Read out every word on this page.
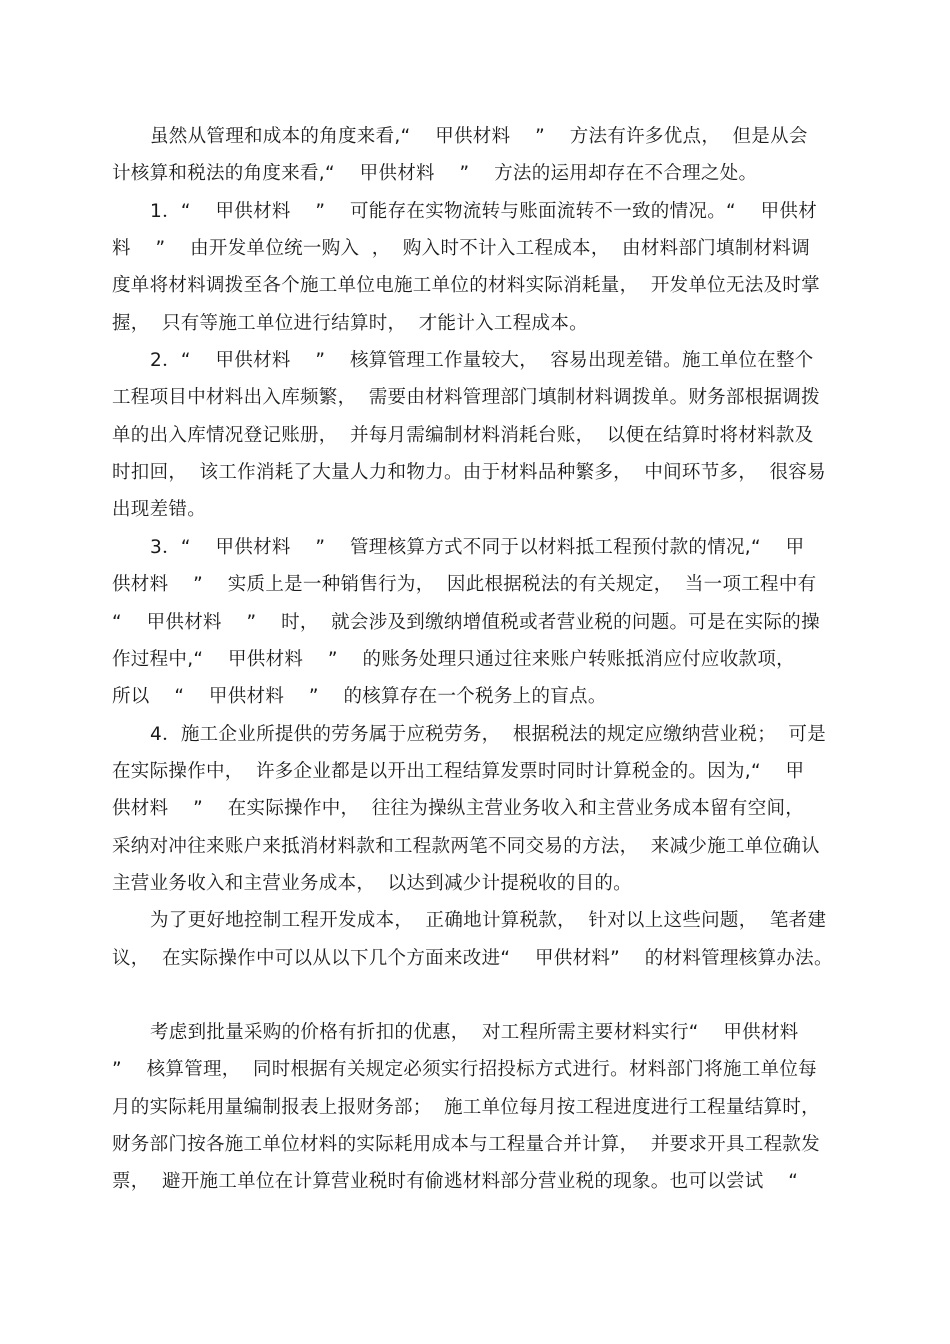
虽然从管理和成本的角度来看,“    甲供材料    ”    方法有许多优点，  但是从会
计核算和税法的角度来看,“    甲供材料    ”    方法的运用却存在不合理之处。
1．“    甲供材料    ”    可能存在实物流转与账面流转不一致的情况。“    甲供材
料    ”    由开发单位统一购入  ，  购入时不计入工程成本，  由材料部门填制材料调
度单将材料调拨至各个施工单位电施工单位的材料实际消耗量，  开发单位无法及时掌
握，  只有等施工单位进行结算时，  才能计入工程成本。
2．“    甲供材料    ”    核算管理工作量较大，  容易出现差错。施工单位在整个
工程项目中材料出入库频繁，  需要由材料管理部门填制材料调拨单。财务部根据调拨
单的出入库情况登记账册，  并每月需编制材料消耗台账，  以便在结算时将材料款及
时扣回，  该工作消耗了大量人力和物力。由于材料品种繁多，  中间环节多，  很容易
出现差错。
3．“    甲供材料    ”    管理核算方式不同于以材料抵工程预付款的情况,“    甲
供材料    ”    实质上是一种销售行为，  因此根据税法的有关规定，  当一项工程中有
“    甲供材料    ”    时，  就会涉及到缴纳增值税或者营业税的问题。可是在实际的操
作过程中,“    甲供材料    ”    的账务处理只通过往来账户转账抵消应付应收款项，
所以    “    甲供材料    ”    的核算存在一个税务上的盲点。
4．施工企业所提供的劳务属于应税劳务，  根据税法的规定应缴纳营业税；  可是
在实际操作中，  许多企业都是以开出工程结算发票时同时计算税金的。因为,“    甲
供材料    ”    在实际操作中，  往往为操纵主营业务收入和主营业务成本留有空间，
采纳对冲往来账户来抵消材料款和工程款两笔不同交易的方法，  来减少施工单位确认
主营业务收入和主营业务成本，  以达到减少计提税收的目的。
为了更好地控制工程开发成本，  正确地计算税款，  针对以上这些问题，  笔者建
议，  在实际操作中可以从以下几个方面来改进“    甲供材料”    的材料管理核算办法。
考虑到批量采购的价格有折扣的优惠，  对工程所需主要材料实行“    甲供材料
”    核算管理，  同时根据有关规定必须实行招投标方式进行。材料部门将施工单位每
月的实际耗用量编制报表上报财务部；  施工单位每月按工程进度进行工程量结算时，
财务部门按各施工单位材料的实际耗用成本与工程量合并计算，  并要求开具工程款发
票，  避开施工单位在计算营业税时有偷逃材料部分营业税的现象。也可以尝试    “
